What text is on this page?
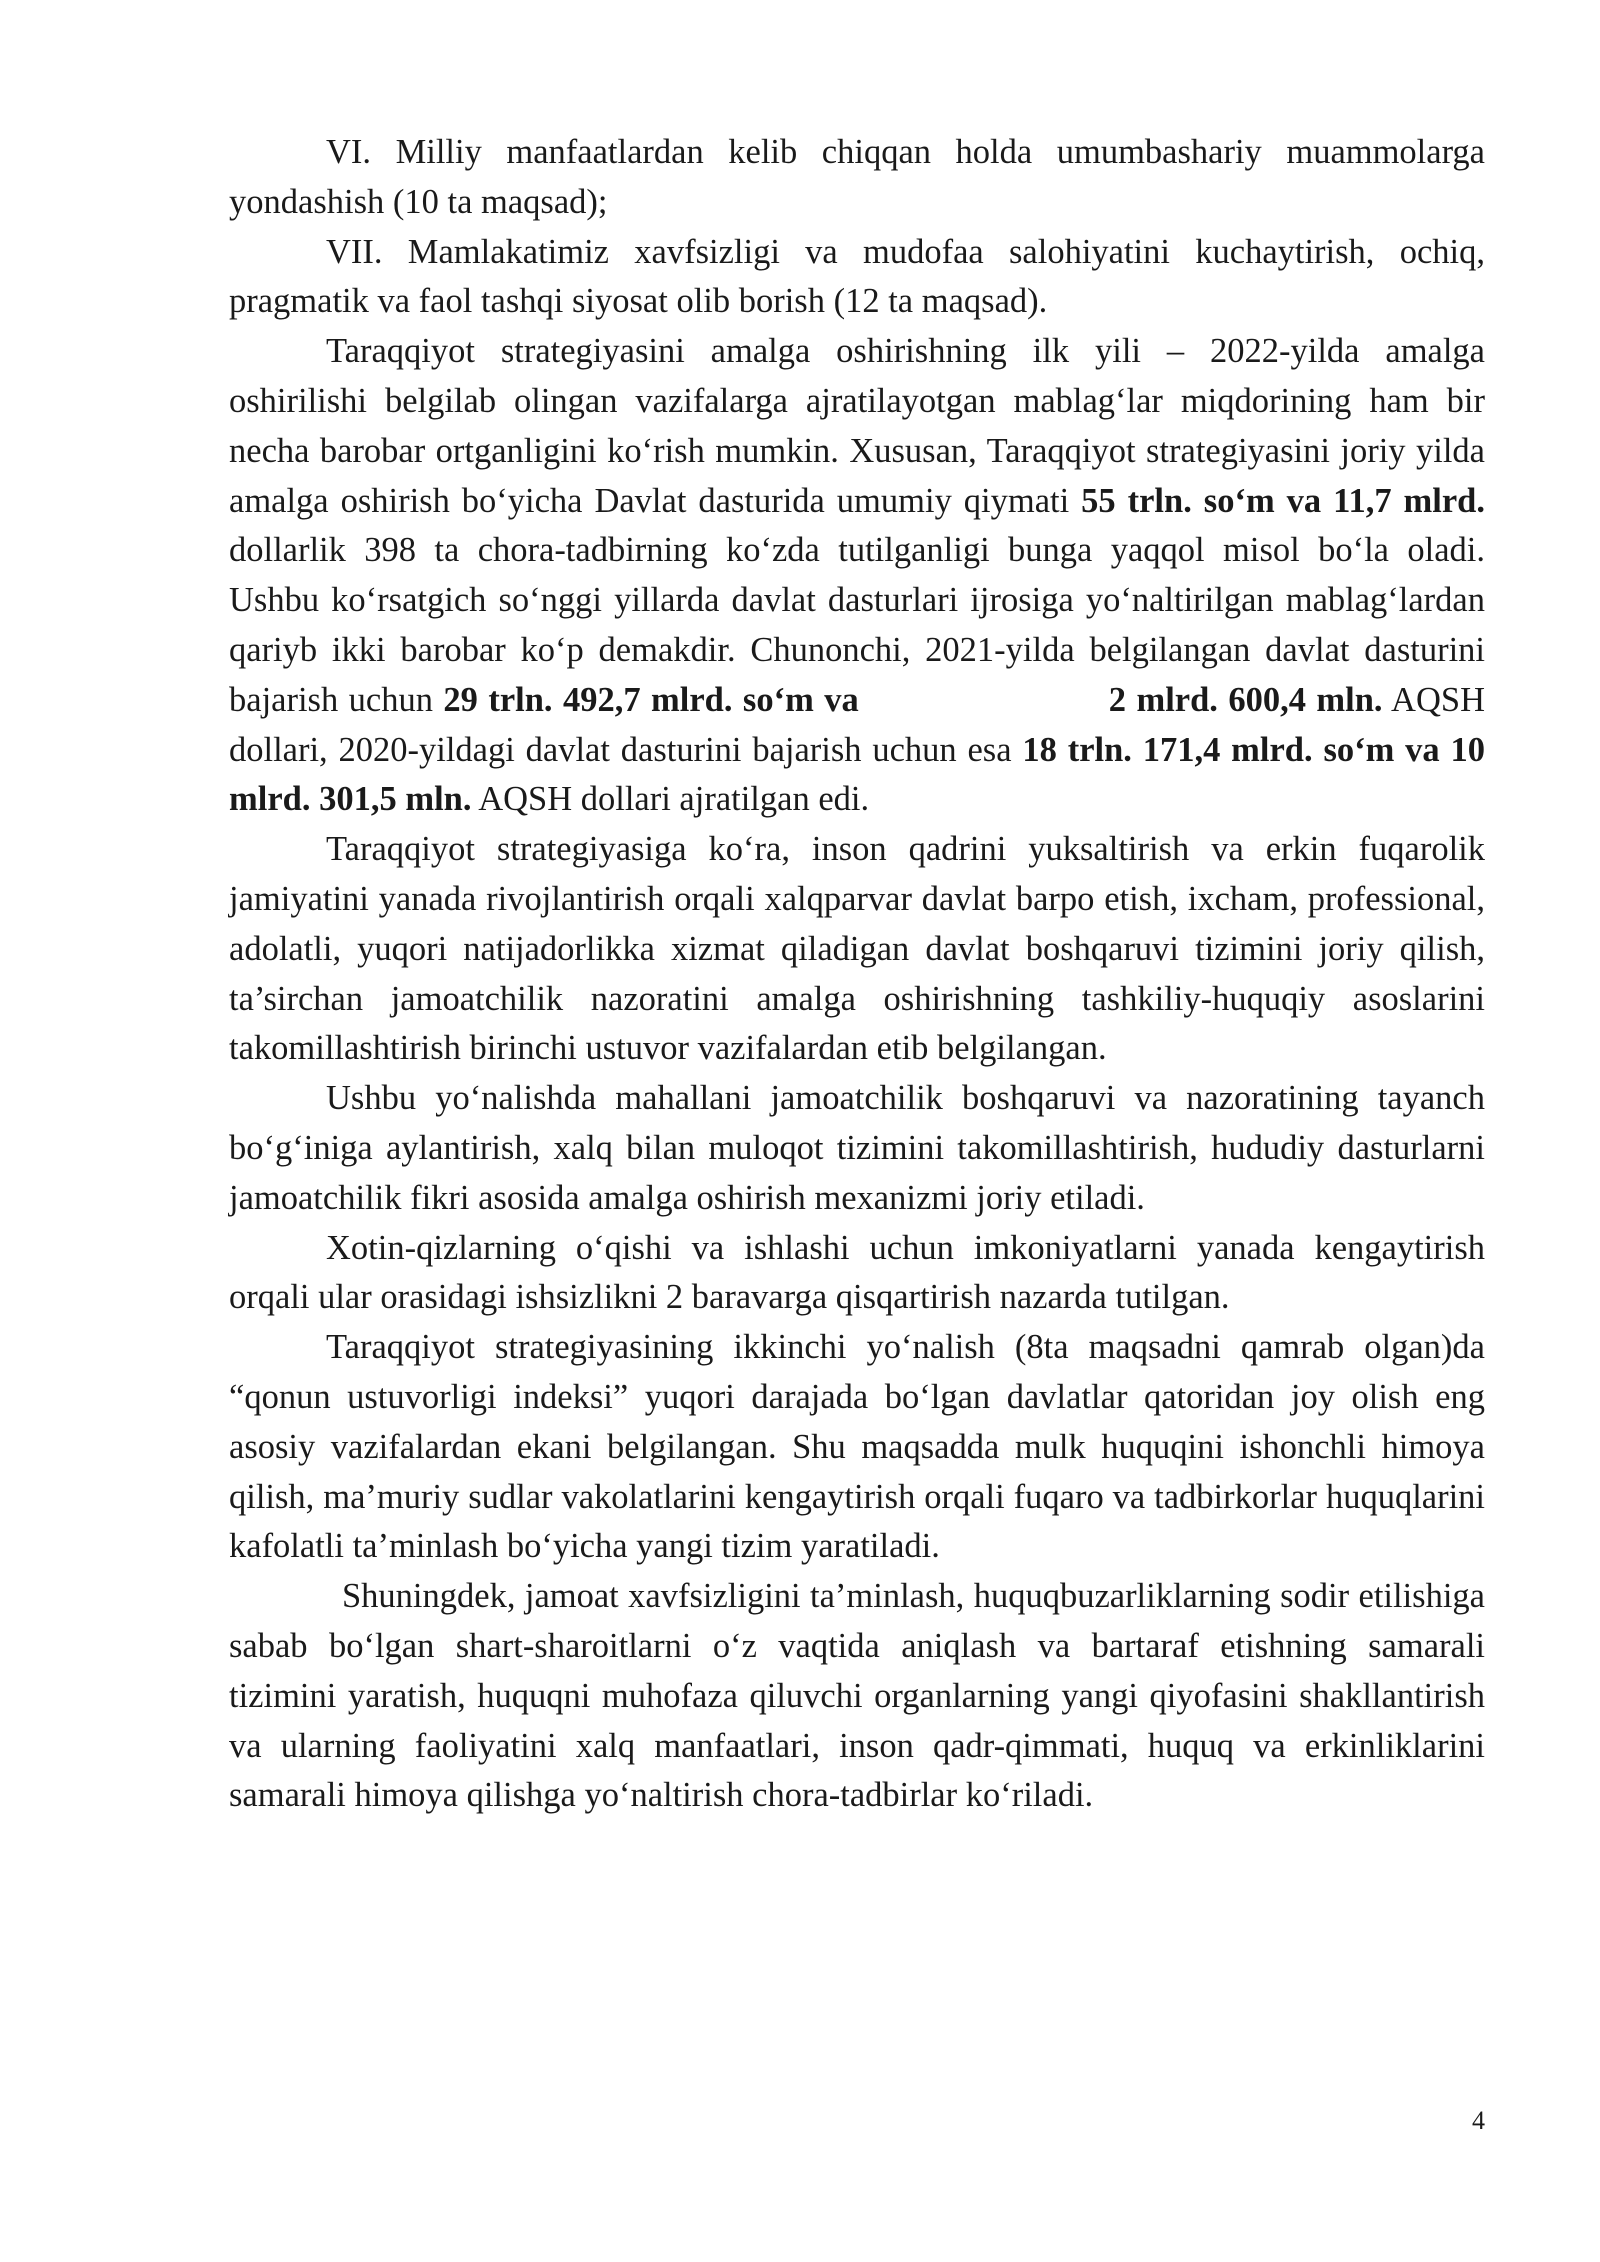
VI. Milliy manfaatlardan kelib chiqqan holda umumbashariy muammolarga yondashish (10 ta maqsad);

VII. Mamlakatimiz xavfsizligi va mudofaa salohiyatini kuchaytirish, ochiq, pragmatik va faol tashqi siyosat olib borish (12 ta maqsad).

Taraqqiyot strategiyasini amalga oshirishning ilk yili – 2022-yilda amalga oshirilishi belgilab olingan vazifalarga ajratilayotgan mablag‘lar miqdorining ham bir necha barobar ortganligini ko‘rish mumkin. Xususan, Taraqqiyot strategiyasini joriy yilda amalga oshirish bo‘yicha Davlat dasturida umumiy qiymati 55 trln. so‘m va 11,7 mlrd. dollarlik 398 ta chora-tadbirning ko‘zda tutilganligi bunga yaqqol misol bo‘la oladi. Ushbu ko‘rsatgich so‘nggi yillarda davlat dasturlari ijrosiga yo‘naltirilgan mablag‘lardan qariyb ikki barobar ko‘p demakdir. Chunonchi, 2021-yilda belgilangan davlat dasturini bajarish uchun 29 trln. 492,7 mlrd. so‘m va	2 mlrd. 600,4 mln. AQSH dollari, 2020-yildagi davlat dasturini bajarish uchun esa 18 trln. 171,4 mlrd. so‘m va 10 mlrd. 301,5 mln. AQSH dollari ajratilgan edi.

Taraqqiyot strategiyasiga ko‘ra, inson qadrini yuksaltirish va erkin fuqarolik jamiyatini yanada rivojlantirish orqali xalqparvar davlat barpo etish, ixcham, professional, adolatli, yuqori natijadorlikka xizmat qiladigan davlat boshqaruvi tizimini joriy qilish, ta’sirchan jamoatchilik nazoratini amalga oshirishning tashkiliy-huquqiy asoslarini takomillashtirish birinchi ustuvor vazifalardan etib belgilangan.

Ushbu yo‘nalishda mahallani jamoatchilik boshqaruvi va nazoratining tayanch bo‘g‘iniga aylantirish, xalq bilan muloqot tizimini takomillashtirish, hududiy dasturlarni jamoatchilik fikri asosida amalga oshirish mexanizmi joriy etiladi.

Xotin-qizlarning o‘qishi va ishlashi uchun imkoniyatlarni yanada kengaytirish orqali ular orasidagi ishsizlikni 2 baravarga qisqartirish nazarda tutilgan.

Taraqqiyot strategiyasining ikkinchi yo‘nalish (8ta maqsadni qamrab olgan)da “qonun ustuvorligi indeksi” yuqori darajada bo‘lgan davlatlar qatoridan joy olish eng asosiy vazifalardan ekani belgilangan. Shu maqsadda mulk huquqini ishonchli himoya qilish, ma’muriy sudlar vakolatlarini kengaytirish orqali fuqaro va tadbirkorlar huquqlarini kafolatli ta’minlash bo‘yicha yangi tizim yaratiladi.

Shuningdek, jamoat xavfsizligini ta’minlash, huquqbuzarliklarning sodir etilishiga sabab bo‘lgan shart-sharoitlarni o‘z vaqtida aniqlash va bartaraf etishning samarali tizimini yaratish, huquqni muhofaza qiluvchi organlarning yangi qiyofasini shakllantirish va ularning faoliyatini xalq manfaatlari, inson qadr-qimmati, huquq va erkinliklarini samarali himoya qilishga yo‘naltirish chora-tadbirlar ko‘riladi.

4
